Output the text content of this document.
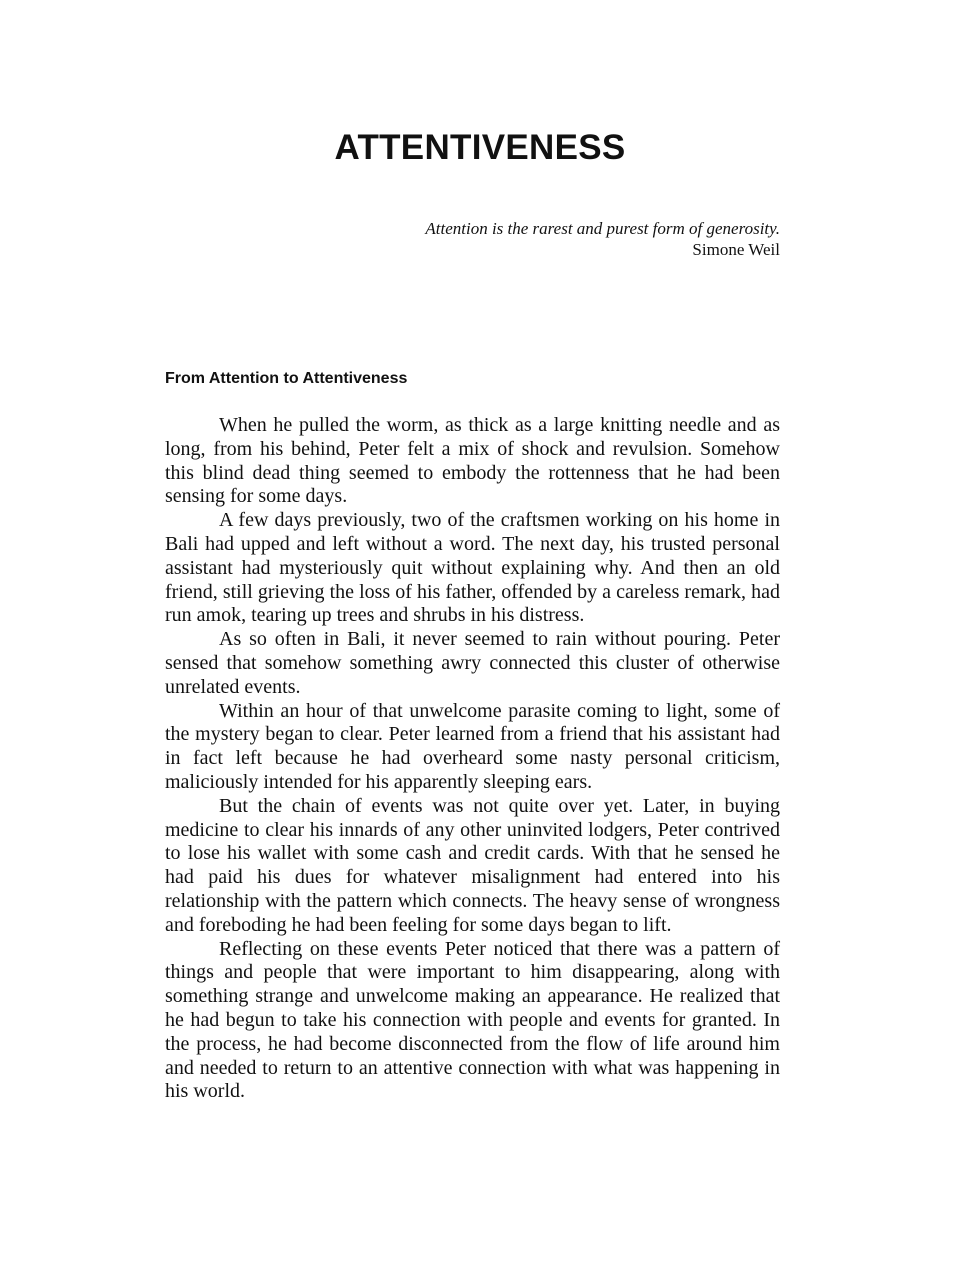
ATTENTIVENESS
Attention is the rarest and purest form of generosity.
Simone Weil
From Attention to Attentiveness

When he pulled the worm, as thick as a large knitting needle and as long, from his behind, Peter felt a mix of shock and revulsion. Somehow this blind dead thing seemed to embody the rottenness that he had been sensing for some days.

A few days previously, two of the craftsmen working on his home in Bali had upped and left without a word. The next day, his trusted personal assistant had mysteriously quit without explaining why. And then an old friend, still grieving the loss of his father, offended by a careless remark, had run amok, tearing up trees and shrubs in his distress.

As so often in Bali, it never seemed to rain without pouring. Peter sensed that somehow something awry connected this cluster of otherwise unrelated events.

Within an hour of that unwelcome parasite coming to light, some of the mystery began to clear. Peter learned from a friend that his assistant had in fact left because he had overheard some nasty personal criticism, maliciously intended for his apparently sleeping ears.

But the chain of events was not quite over yet. Later, in buying medicine to clear his innards of any other uninvited lodgers, Peter contrived to lose his wallet with some cash and credit cards. With that he sensed he had paid his dues for whatever misalignment had entered into his relationship with the pattern which connects. The heavy sense of wrongness and foreboding he had been feeling for some days began to lift.

Reflecting on these events Peter noticed that there was a pattern of things and people that were important to him disappearing, along with something strange and unwelcome making an appearance. He realized that he had begun to take his connection with people and events for granted. In the process, he had become disconnected from the flow of life around him and needed to return to an attentive connection with what was happening in his world.
